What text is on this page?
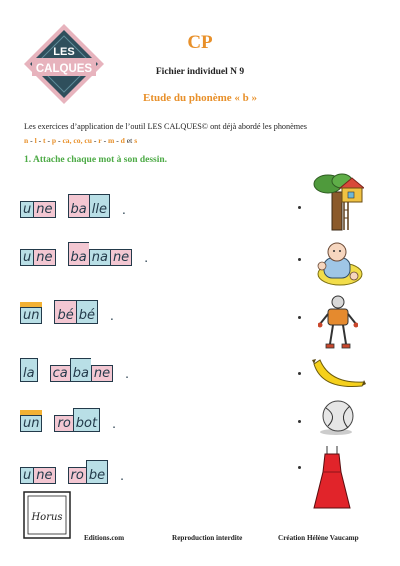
LES
CALQUES
CP
Fichier individuel N 9
Etude du phonème « b »
Les exercices d’application de l’outil LES CALQUES© ont déjà abordé les phonèmes
n - l - t - p - ca, co, cu - r - m - d et s
1. Attache chaque mot à son dessin.
u ne ba lle .
u ne ba na ne .
un bé bé .
la ca ba ne .
un ro bot .
u ne ro be .
Horus
Editions.com	Reproduction interdite	Création Hélène Vaucamp
